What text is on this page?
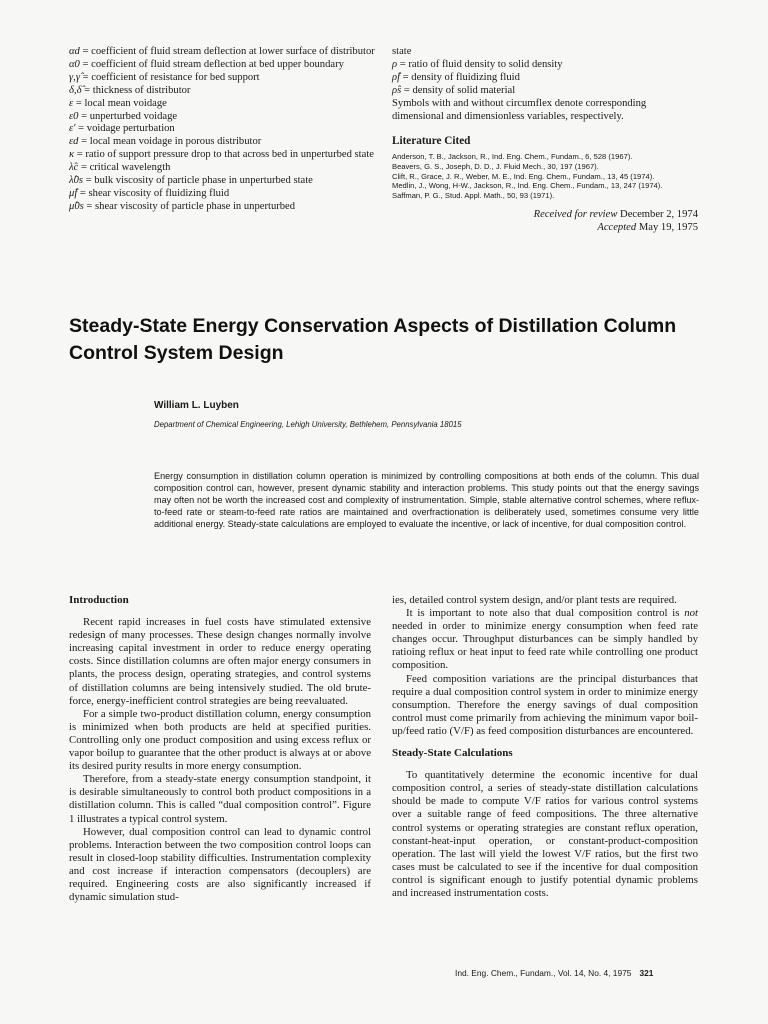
αd = coefficient of fluid stream deflection at lower surface of distributor
α0 = coefficient of fluid stream deflection at bed upper boundary
γ,γ̂ = coefficient of resistance for bed support
δ,δ̂ = thickness of distributor
ε = local mean voidage
ε0 = unperturbed voidage
ε′ = voidage perturbation
εd = local mean voidage in porous distributor
κ = ratio of support pressure drop to that across bed in unperturbed state
λ̂c = critical wavelength
λ̂0s = bulk viscosity of particle phase in unperturbed state
μ̂f = shear viscosity of fluidizing fluid
μ̂0s = shear viscosity of particle phase in unperturbed
state
ρ = ratio of fluid density to solid density
ρ̂f = density of fluidizing fluid
ρ̂s = density of solid material
Symbols with and without circumflex denote corresponding dimensional and dimensionless variables, respectively.
Literature Cited
Anderson, T. B., Jackson, R., Ind. Eng. Chem., Fundam., 6, 528 (1967).
Beavers, G. S., Joseph, D. D., J. Fluid Mech., 30, 197 (1967).
Clift, R., Grace, J. R., Weber, M. E., Ind. Eng. Chem., Fundam., 13, 45 (1974).
Medlin, J., Wong, H-W., Jackson, R., Ind. Eng. Chem., Fundam., 13, 247 (1974).
Saffman, P. G., Stud. Appl. Math., 50, 93 (1971).
Received for review December 2, 1974
Accepted May 19, 1975
Steady-State Energy Conservation Aspects of Distillation Column Control System Design
William L. Luyben
Department of Chemical Engineering, Lehigh University, Bethlehem, Pennsylvania 18015
Energy consumption in distillation column operation is minimized by controlling compositions at both ends of the column. This dual composition control can, however, present dynamic stability and interaction problems. This study points out that the energy savings may often not be worth the increased cost and complexity of instrumentation. Simple, stable alternative control schemes, where reflux-to-feed rate or steam-to-feed rate ratios are maintained and overfractionation is deliberately used, sometimes consume very little additional energy. Steady-state calculations are employed to evaluate the incentive, or lack of incentive, for dual composition control.
Introduction
Recent rapid increases in fuel costs have stimulated extensive redesign of many processes. These design changes normally involve increasing capital investment in order to reduce energy operating costs. Since distillation columns are often major energy consumers in plants, the process design, operating strategies, and control systems of distillation columns are being intensively studied. The old brute-force, energy-inefficient control strategies are being reevaluated.
For a simple two-product distillation column, energy consumption is minimized when both products are held at specified purities. Controlling only one product composition and using excess reflux or vapor boilup to guarantee that the other product is always at or above its desired purity results in more energy consumption.
Therefore, from a steady-state energy consumption standpoint, it is desirable simultaneously to control both product compositions in a distillation column. This is called “dual composition control”. Figure 1 illustrates a typical control system.
However, dual composition control can lead to dynamic control problems. Interaction between the two composition control loops can result in closed-loop stability difficulties. Instrumentation complexity and cost increase if interaction compensators (decouplers) are required. Engineering costs are also significantly increased if dynamic simulation stud-
ies, detailed control system design, and/or plant tests are required.
It is important to note also that dual composition control is not needed in order to minimize energy consumption when feed rate changes occur. Throughput disturbances can be simply handled by ratioing reflux or heat input to feed rate while controlling one product composition.
Feed composition variations are the principal disturbances that require a dual composition control system in order to minimize energy consumption. Therefore the energy savings of dual composition control must come primarily from achieving the minimum vapor boil-up/feed ratio (V/F) as feed composition disturbances are encountered.
Steady-State Calculations
To quantitatively determine the economic incentive for dual composition control, a series of steady-state distillation calculations should be made to compute V/F ratios for various control systems over a suitable range of feed compositions. The three alternative control systems or operating strategies are constant reflux operation, constant-heat-input operation, or constant-product-composition operation. The last will yield the lowest V/F ratios, but the first two cases must be calculated to see if the incentive for dual composition control is significant enough to justify potential dynamic problems and increased instrumentation costs.
Ind. Eng. Chem., Fundam., Vol. 14, No. 4, 1975 321
